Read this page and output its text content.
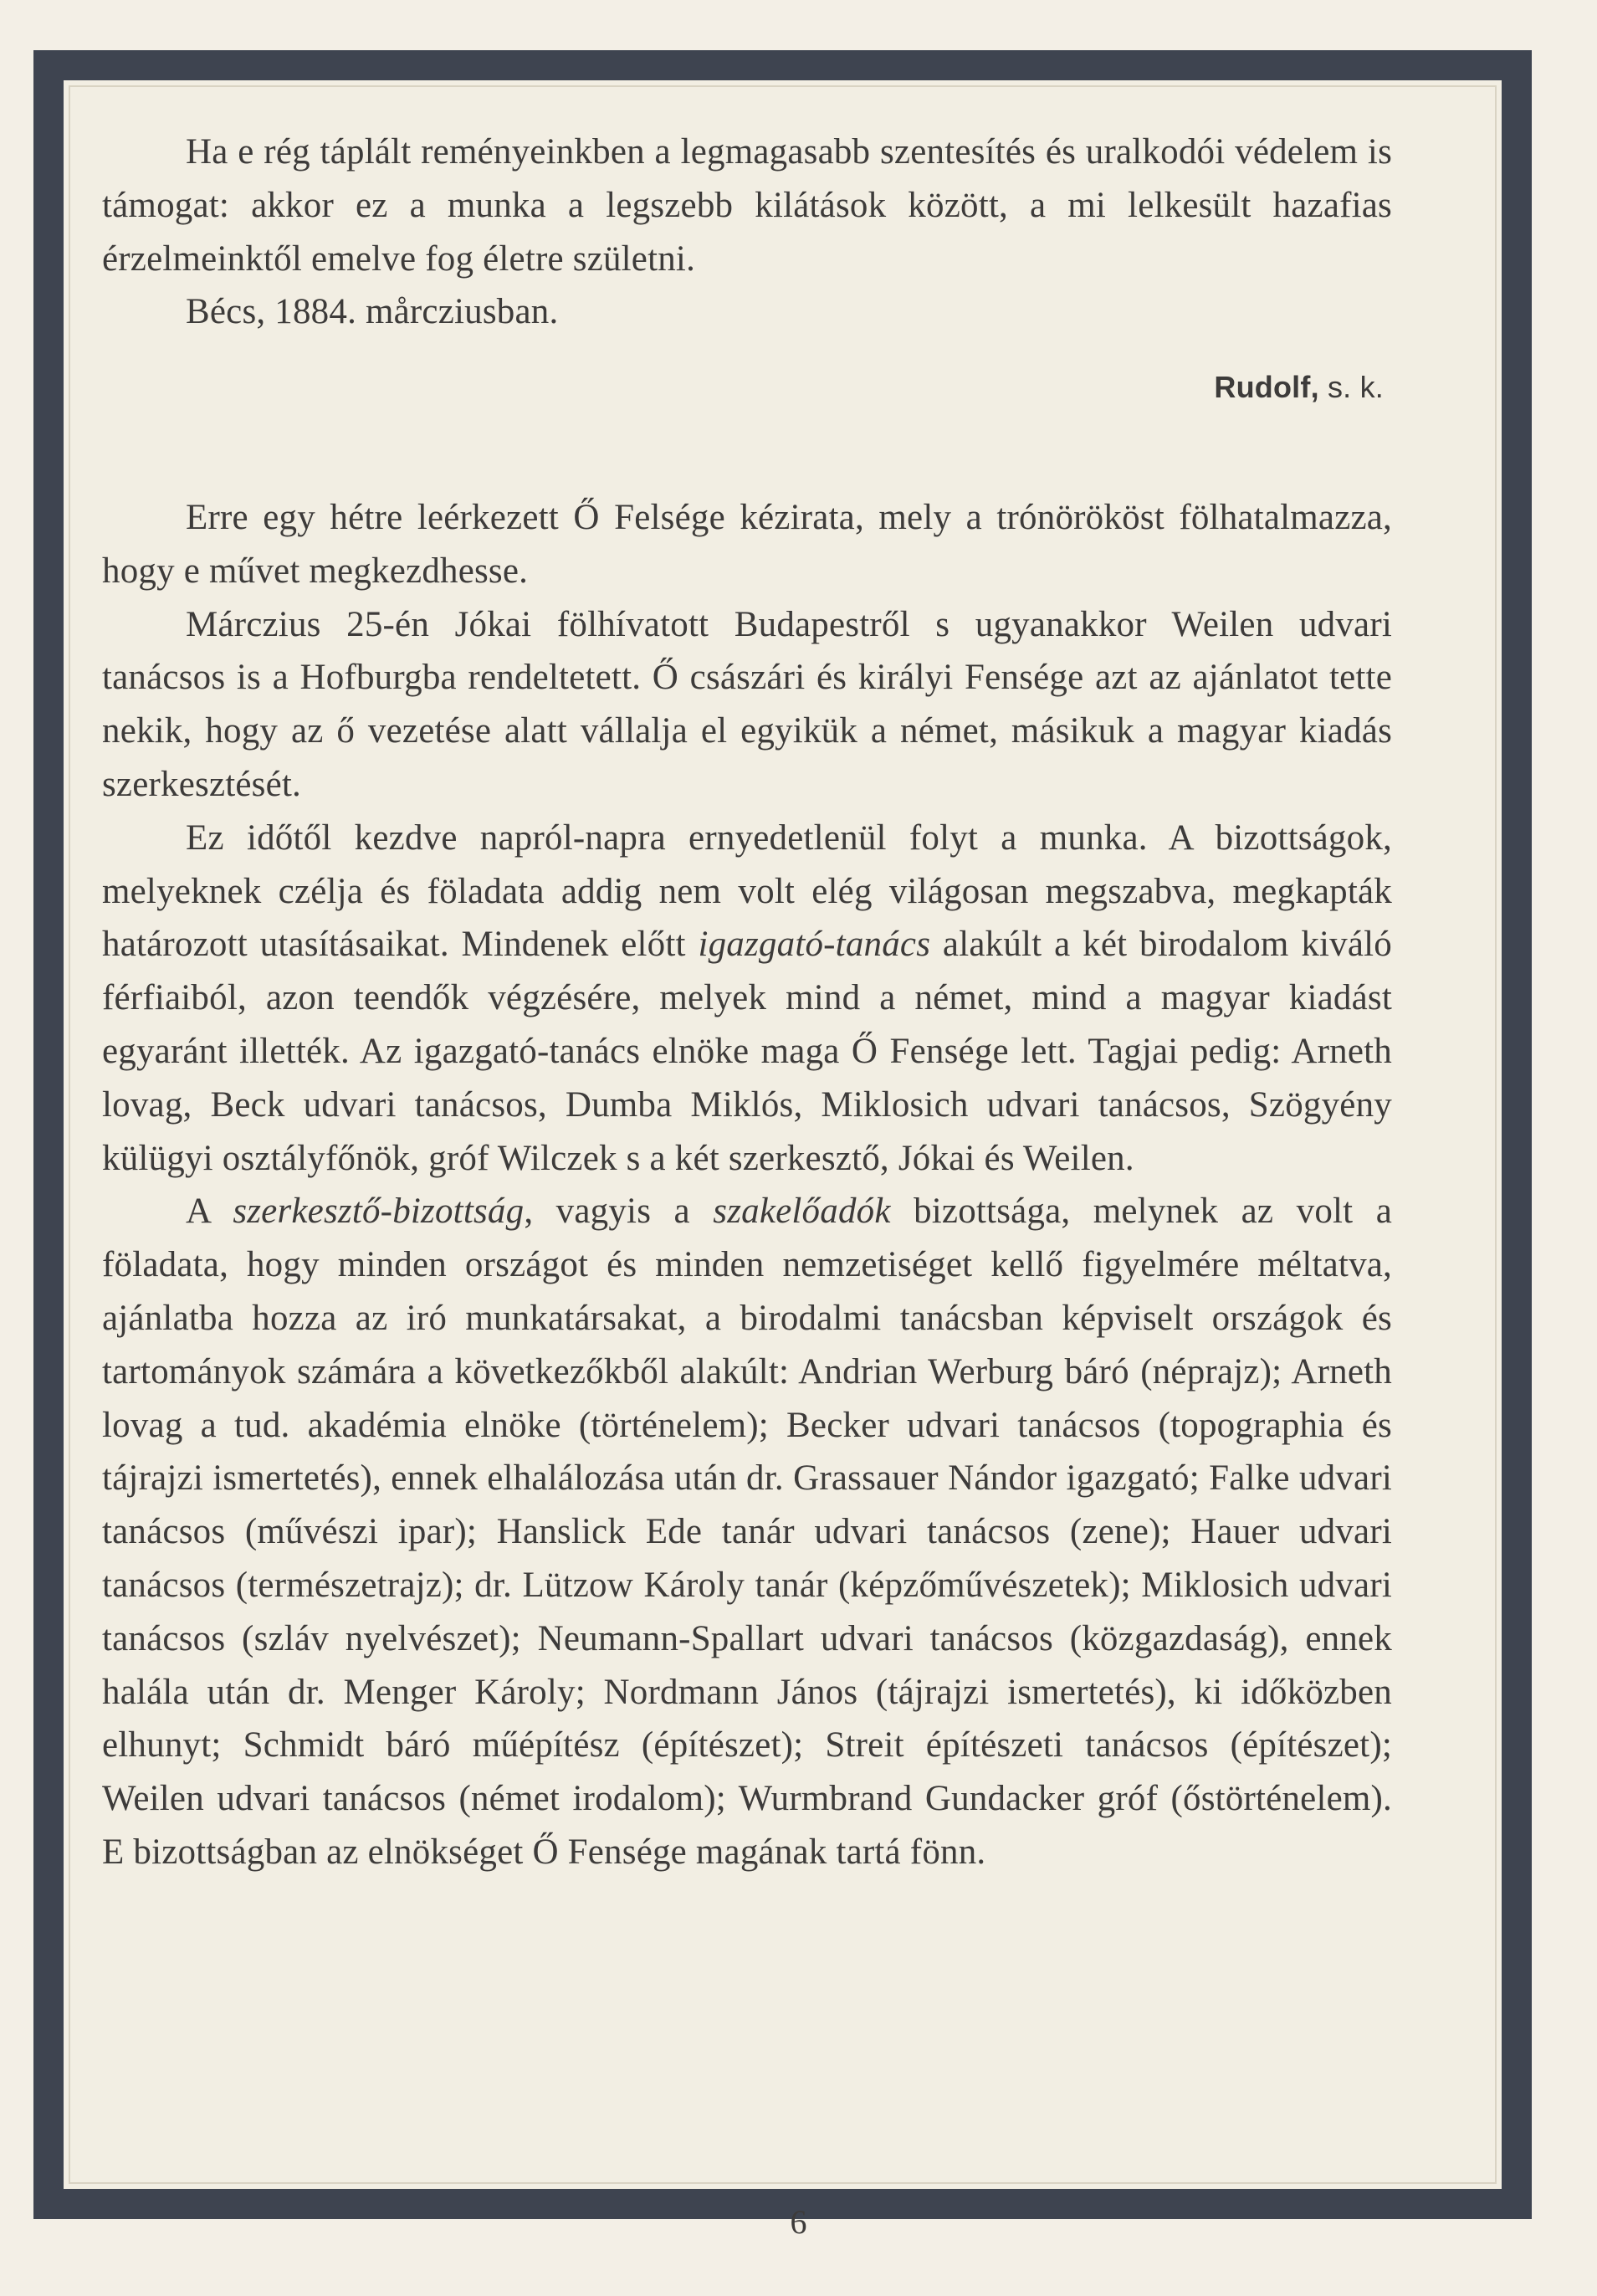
Ha e rég táplált reményeinkben a legmagasabb szentesítés és uralkodói védelem is támogat: akkor ez a munka a legszebb kilátások között, a mi lelkesült hazafias érzelmeinktől emelve fog életre születni.

Bécs, 1884. mårcziusban.

Rudolf, s. k.

Erre egy hétre leérkezett Ő Felsége kézirata, mely a trónörököst fölhatalmazza, hogy e művet megkezdhesse.

Márczius 25-én Jókai fölhívatott Budapestről s ugyanakkor Weilen udvari tanácsos is a Hofburgba rendeltetett. Ő császári és királyi Fensége azt az ajánlatot tette nekik, hogy az ő vezetése alatt vállalja el egyikük a német, másikuk a magyar kiadás szerkesztését.

Ez időtől kezdve napról-napra ernyedetlenül folyt a munka. A bizottságok, melyeknek czélja és föladata addig nem volt elég világosan megszabva, megkapták határozott utasításaikat. Mindenek előtt igazgató-tanács alakúlt a két birodalom kiváló férfiaiból, azon teendők végzésére, melyek mind a német, mind a magyar kiadást egyaránt illették. Az igazgató-tanács elnöke maga Ő Fensége lett. Tagjai pedig: Arneth lovag, Beck udvari tanácsos, Dumba Miklós, Miklosich udvari tanácsos, Szögyény külügyi osztályfőnök, gróf Wilczek s a két szerkesztő, Jókai és Weilen.

A szerkesztő-bizottság, vagyis a szakelőadók bizottsága, melynek az volt a föladata, hogy minden országot és minden nemzetiséget kellő figyelmére méltatva, ajánlatba hozza az iró munkatársakat, a birodalmi tanácsban képviselt országok és tartományok számára a következőkből alakúlt: Andrian Werburg báró (néprajz); Arneth lovag a tud. akadémia elnöke (történelem); Becker udvari tanácsos (topographia és tájrajzi ismertetés), ennek elhalálozása után dr. Grassauer Nándor igazgató; Falke udvari tanácsos (művészi ipar); Hanslick Ede tanár udvari tanácsos (zene); Hauer udvari tanácsos (természetrajz); dr. Lützow Károly tanár (képzőművészetek); Miklosich udvari tanácsos (szláv nyelvészet); Neumann-Spallart udvari tanácsos (közgazdaság), ennek halála után dr. Menger Károly; Nordmann János (tájrajzi ismertetés), ki időközben elhunyt; Schmidt báró műépítész (építészet); Streit építészeti tanácsos (építészet); Weilen udvari tanácsos (német irodalom); Wurmbrand Gundacker gróf (őstörténelem). E bizottságban az elnökséget Ő Fensége magának tartá fönn.

6
